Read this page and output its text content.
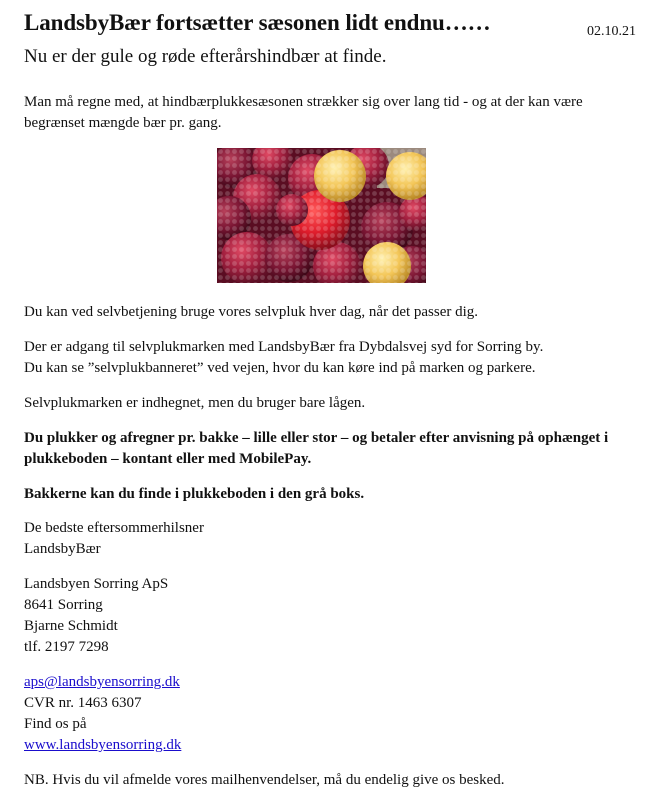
LandsbyBær fortsætter sæsonen lidt endnu……	02.10.21
Nu er der gule og røde efterårshindbær at finde.

Man må regne med, at hindbærplukkesæsonen strækker sig over lang tid - og at der kan være begrænset mængde bær pr. gang.

Du kan ved selvbetjening bruge vores selvpluk hver dag, når det passer dig.

Der er adgang til selvplukmarken med LandsbyBær fra Dybdalsvej syd for Sorring by.

Du kan se ”selvplukbanneret” ved vejen, hvor du kan køre ind på marken og parkere.

Selvplukmarken er indhegnet, men du bruger bare lågen.

Du plukker og afregner pr. bakke – lille eller stor – og betaler efter anvisning på ophænget i plukkeboden – kontant eller med MobilePay.

Bakkerne kan du finde i plukkeboden i den grå boks.

De bedste eftersommerhilsner

LandsbyBær

Landsbyen Sorring ApS

8641 Sorring

Bjarne Schmidt

tlf. 2197 7298

aps@landsbyensorring.dk

CVR nr. 1463 6307

Find os på

www.landsbyensorring.dk

NB. Hvis du vil afmelde vores mailhenvendelser, må du endelig give os besked.
